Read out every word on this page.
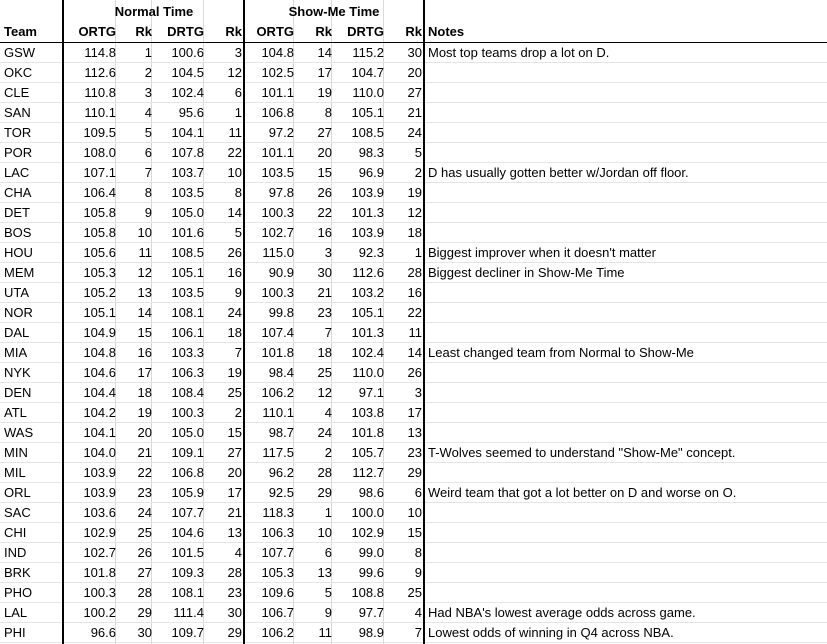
Normal Time	Show-Me Time
Team	ORTG	Rk	DRTG	Rk	ORTG	Rk	DRTG	Rk Notes
GSW	114.8	1	100.6	3	104.8	14	115.2	30 Most top teams drop a lot on D.
OKC	112.6	2	104.5	12	102.5	17	104.7	20
CLE	110.8	3	102.4	6	101.1	19	110.0	27
SAN	110.1	4	95.6	1	106.8	8	105.1	21
TOR	109.5	5	104.1	11	97.2	27	108.5	24
POR	108.0	6	107.8	22	101.1	20	98.3	5
LAC	107.1	7	103.7	10	103.5	15	96.9	2 D has usually gotten better w/Jordan off floor.
CHA	106.4	8	103.5	8	97.8	26	103.9	19
DET	105.8	9	105.0	14	100.3	22	101.3	12
BOS	105.8	10	101.6	5	102.7	16	103.9	18
HOU	105.6	11	108.5	26	115.0	3	92.3	1 Biggest improver when it doesn't matter
MEM	105.3	12	105.1	16	90.9	30	112.6	28 Biggest decliner in Show-Me Time
UTA	105.2	13	103.5	9	100.3	21	103.2	16
NOR	105.1	14	108.1	24	99.8	23	105.1	22
DAL	104.9	15	106.1	18	107.4	7	101.3	11
MIA	104.8	16	103.3	7	101.8	18	102.4	14 Least changed team from Normal to Show-Me
NYK	104.6	17	106.3	19	98.4	25	110.0	26
DEN	104.4	18	108.4	25	106.2	12	97.1	3
ATL	104.2	19	100.3	2	110.1	4	103.8	17
WAS	104.1	20	105.0	15	98.7	24	101.8	13
MIN	104.0	21	109.1	27	117.5	2	105.7	23 T-Wolves seemed to understand "Show-Me" concept.
MIL	103.9	22	106.8	20	96.2	28	112.7	29
ORL	103.9	23	105.9	17	92.5	29	98.6	6 Weird team that got a lot better on D and worse on O.
SAC	103.6	24	107.7	21	118.3	1	100.0	10
CHI	102.9	25	104.6	13	106.3	10	102.9	15
IND	102.7	26	101.5	4	107.7	6	99.0	8
BRK	101.8	27	109.3	28	105.3	13	99.6	9
PHO	100.3	28	108.1	23	109.6	5	108.8	25
LAL	100.2	29	111.4	30	106.7	9	97.7	4 Had NBA's lowest average odds across game.
PHI	96.6	30	109.7	29	106.2	11	98.9	7 Lowest odds of winning in Q4 across NBA.
